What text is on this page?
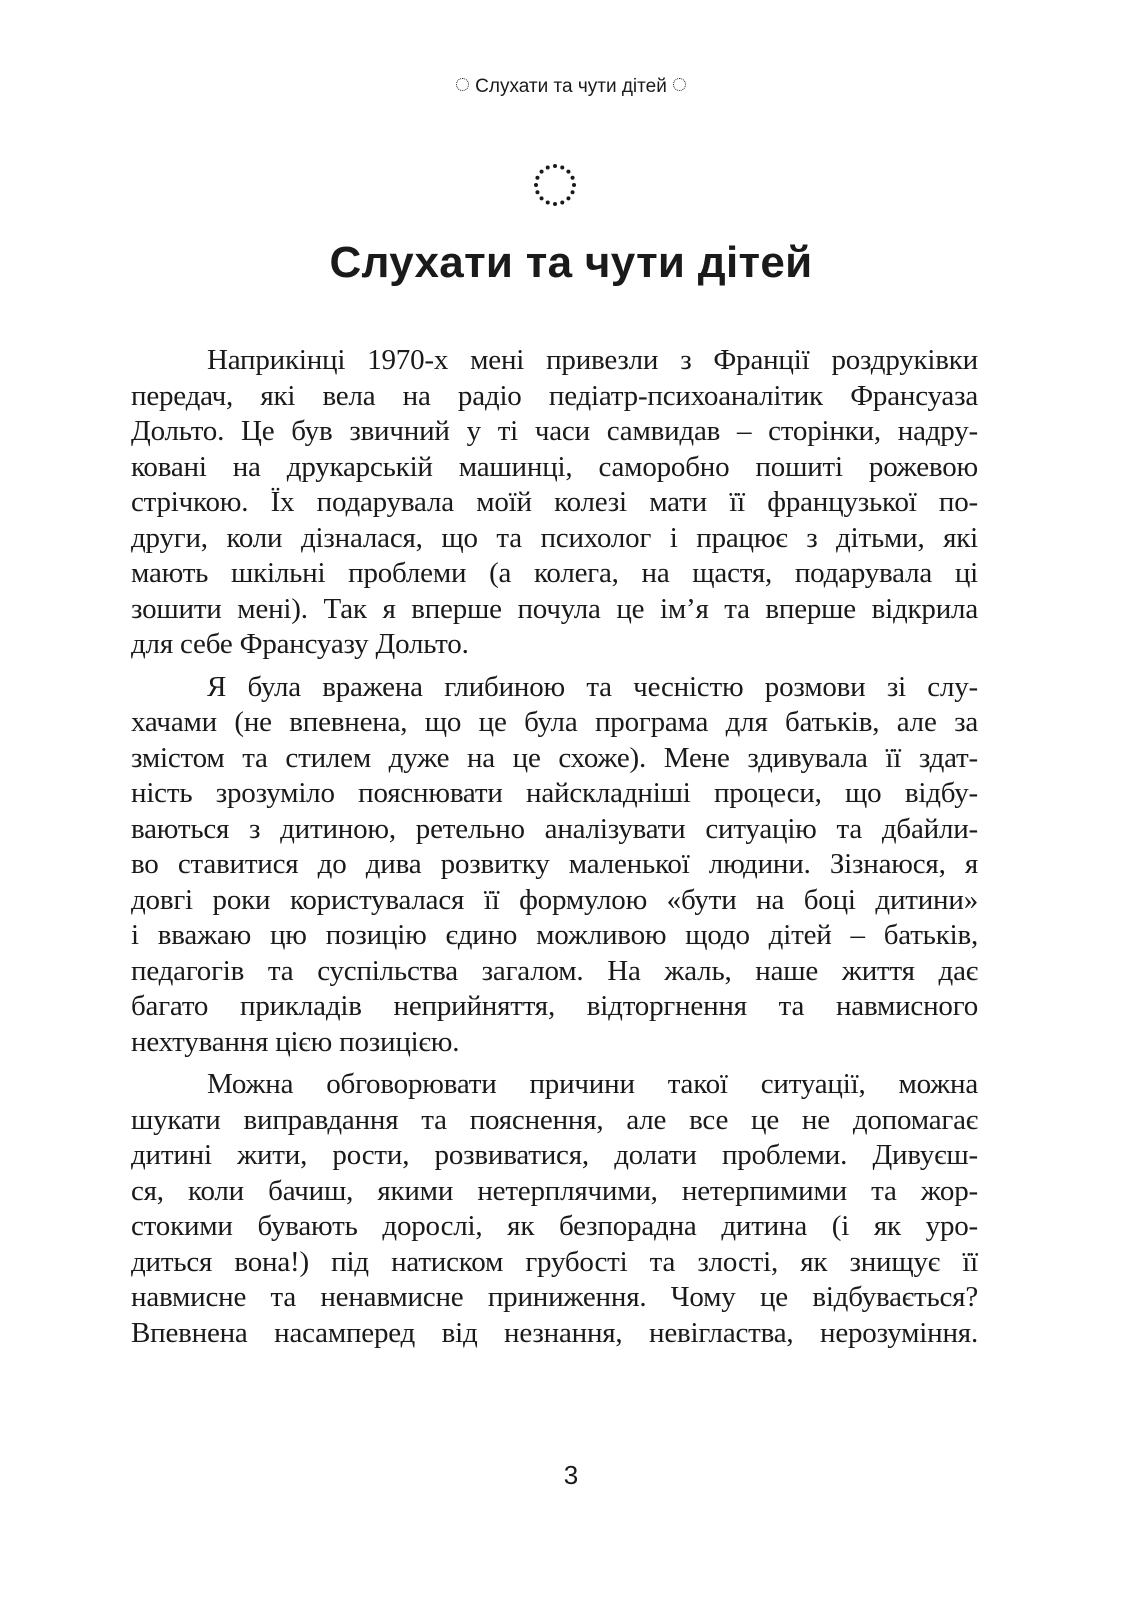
Слухати та чути дітей
Слухати та чути дітей
Наприкінці 1970-х мені привезли з Франції роздруківки
передач, які вела на радіо педіатр-психоаналітик Франсуаза
Дольто. Це був звичний у ті часи самвидав – сторінки, надру-
ковані на друкарській машинці, саморобно пошиті рожевою
стрічкою. Їх подарувала моїй колезі мати її французької по-
други, коли дізналася, що та психолог і працює з дітьми, які
мають шкільні проблеми (а колега, на щастя, подарувала ці
зошити мені). Так я вперше почула це ім’я та вперше відкрила
для себе Франсуазу Дольто.
Я була вражена глибиною та чесністю розмови зі слу-
хачами (не впевнена, що це була програма для батьків, але за
змістом та стилем дуже на це схоже). Мене здивувала її здат-
ність зрозуміло пояснювати найскладніші процеси, що відбу-
ваються з дитиною, ретельно аналізувати ситуацію та дбайли-
во ставитися до дива розвитку маленької людини. Зізнаюся, я
довгі роки користувалася її формулою «бути на боці дитини»
і вважаю цю позицію єдино можливою щодо дітей – батьків,
педагогів та суспільства загалом. На жаль, наше життя дає
багато прикладів неприйняття, відторгнення та навмисного
нехтування цією позицією.
Можна обговорювати причини такої ситуації, можна
шукати виправдання та пояснення, але все це не допомагає
дитині жити, рости, розвиватися, долати проблеми. Дивуєш-
ся, коли бачиш, якими нетерплячими, нетерпимими та жор-
стокими бувають дорослі, як безпорадна дитина (і як уро-
диться вона!) під натиском грубості та злості, як знищує її
навмисне та ненавмисне приниження. Чому це відбувається?
Впевнена насамперед від незнання, невігластва, нерозуміння.
3
